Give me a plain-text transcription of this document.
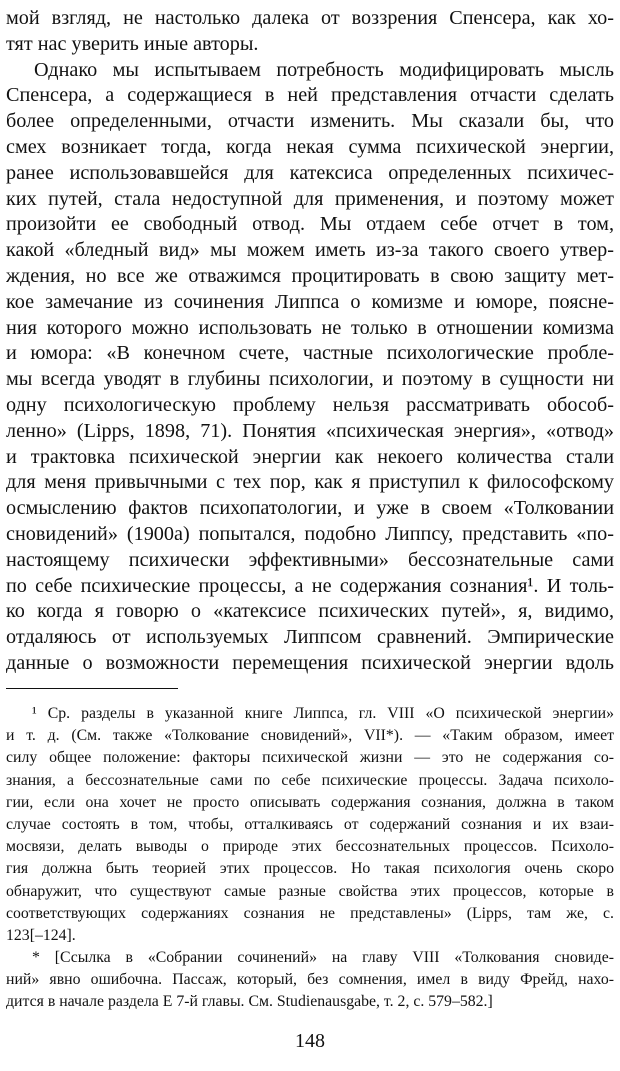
мой взгляд, не настолько далека от воззрения Спенсера, как хо-
тят нас уверить иные авторы.
Однако мы испытываем потребность модифицировать мысль
Спенсера, а содержащиеся в ней представления отчасти сделать
более определенными, отчасти изменить. Мы сказали бы, что
смех возникает тогда, когда некая сумма психической энергии,
ранее использовавшейся для катексиса определенных психичес-
ких путей, стала недоступной для применения, и поэтому может
произойти ее свободный отвод. Мы отдаем себе отчет в том,
какой «бледный вид» мы можем иметь из-за такого своего утвер-
ждения, но все же отважимся процитировать в свою защиту мет-
кое замечание из сочинения Липпса о комизме и юморе, поясне-
ния которого можно использовать не только в отношении комизма
и юмора: «В конечном счете, частные психологические пробле-
мы всегда уводят в глубины психологии, и поэтому в сущности ни
одну психологическую проблему нельзя рассматривать обособ-
ленно» (Lipps, 1898, 71). Понятия «психическая энергия», «отвод»
и трактовка психической энергии как некоего количества стали
для меня привычными с тех пор, как я приступил к философскому
осмыслению фактов психопатологии, и уже в своем «Толковании
сновидений» (1900а) попытался, подобно Липпсу, представить «по-
настоящему психически эффективными» бессознательные сами
по себе психические процессы, а не содержания сознания¹. И толь-
ко когда я говорю о «катексисе психических путей», я, видимо,
отдаляюсь от используемых Липпсом сравнений. Эмпирические
данные о возможности перемещения психической энергии вдоль
¹ Ср. разделы в указанной книге Липпса, гл. VIII «О психической энергии»
и т. д. (См. также «Толкование сновидений», VII*). — «Таким образом, имеет
силу общее положение: факторы психической жизни — это не содержания со-
знания, а бессознательные сами по себе психические процессы. Задача психоло-
гии, если она хочет не просто описывать содержания сознания, должна в таком
случае состоять в том, чтобы, отталкиваясь от содержаний сознания и их взаи-
мосвязи, делать выводы о природе этих бессознательных процессов. Психоло-
гия должна быть теорией этих процессов. Но такая психология очень скоро
обнаружит, что существуют самые разные свойства этих процессов, которые в
соответствующих содержаниях сознания не представлены» (Lipps, там же, с.
123[–124].
* [Ссылка в «Собрании сочинений» на главу VIII «Толкования сновиде-
ний» явно ошибочна. Пассаж, который, без сомнения, имел в виду Фрейд, нахо-
дится в начале раздела Е 7-й главы. См. Studienausgabe, т. 2, с. 579–582.]
148
